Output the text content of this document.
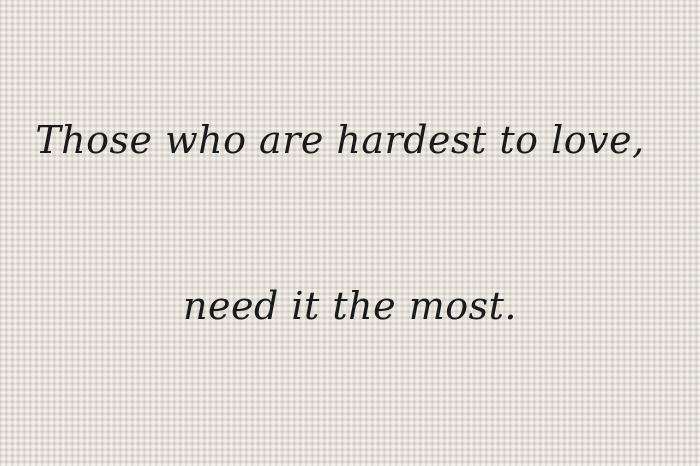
Those who are hardest to love,
need it the most.
